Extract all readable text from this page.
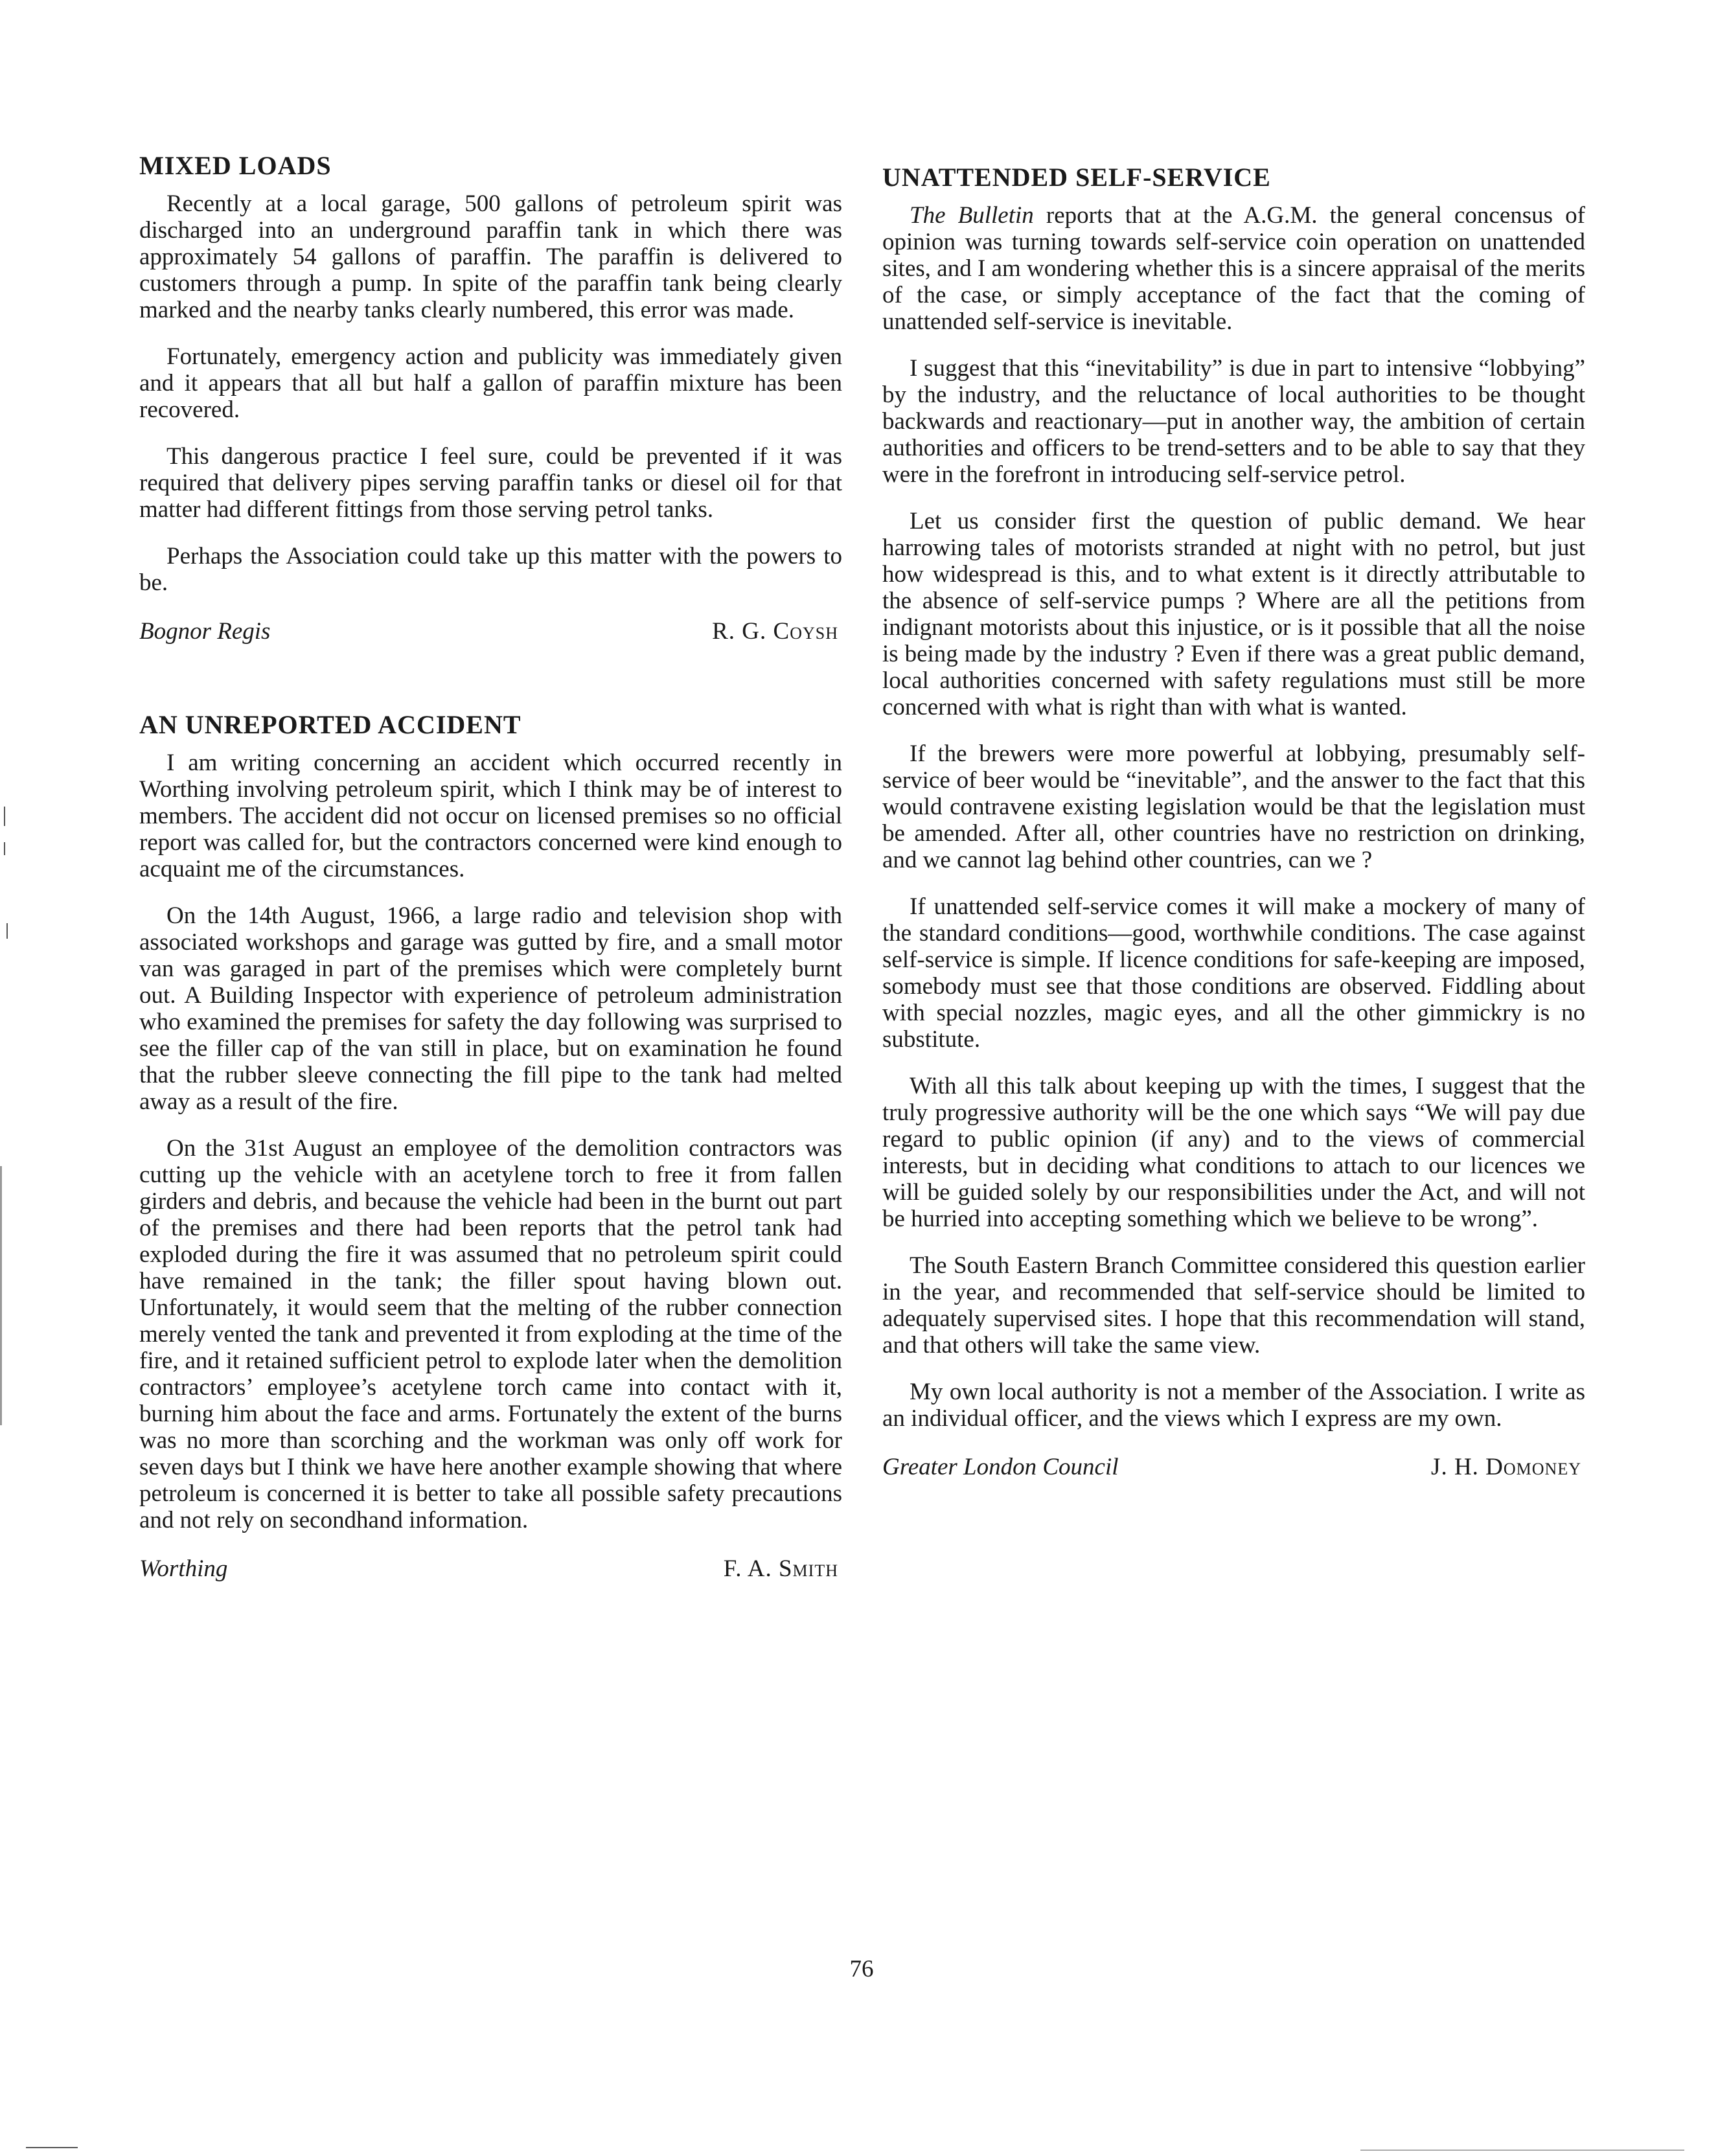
MIXED LOADS

Recently at a local garage, 500 gallons of petroleum spirit was discharged into an underground paraffin tank in which there was approximately 54 gallons of paraffin. The paraffin is delivered to customers through a pump. In spite of the paraffin tank being clearly marked and the nearby tanks clearly numbered, this error was made.

Fortunately, emergency action and publicity was immediately given and it appears that all but half a gallon of paraffin mixture has been recovered.

This dangerous practice I feel sure, could be prevented if it was required that delivery pipes serving paraffin tanks or diesel oil for that matter had different fittings from those serving petrol tanks.

Perhaps the Association could take up this matter with the powers to be.

Bognor Regis	R. G. Coysh
AN UNREPORTED ACCIDENT

I am writing concerning an accident which occurred recently in Worthing involving petroleum spirit, which I think may be of interest to members. The accident did not occur on licensed premises so no official report was called for, but the contractors concerned were kind enough to acquaint me of the circumstances.

On the 14th August, 1966, a large radio and television shop with associated workshops and garage was gutted by fire, and a small motor van was garaged in part of the premises which were completely burnt out. A Building Inspector with experience of petroleum administration who examined the premises for safety the day following was surprised to see the filler cap of the van still in place, but on examination he found that the rubber sleeve connecting the fill pipe to the tank had melted away as a result of the fire.

On the 31st August an employee of the demolition contractors was cutting up the vehicle with an acetylene torch to free it from fallen girders and debris, and because the vehicle had been in the burnt out part of the premises and there had been reports that the petrol tank had exploded during the fire it was assumed that no petroleum spirit could have remained in the tank; the filler spout having blown out. Unfortunately, it would seem that the melting of the rubber connection merely vented the tank and prevented it from exploding at the time of the fire, and it retained sufficient petrol to explode later when the demolition contractors’ employee’s acetylene torch came into contact with it, burning him about the face and arms. Fortunately the extent of the burns was no more than scorching and the workman was only off work for seven days but I think we have here another example showing that where petroleum is concerned it is better to take all possible safety precautions and not rely on secondhand information.

Worthing	F. A. Smith
UNATTENDED SELF-SERVICE

The Bulletin reports that at the A.G.M. the general concensus of opinion was turning towards self-service coin operation on unattended sites, and I am wondering whether this is a sincere appraisal of the merits of the case, or simply acceptance of the fact that the coming of unattended self-service is inevitable.

I suggest that this “inevitability” is due in part to intensive “lobbying” by the industry, and the reluctance of local authorities to be thought backwards and reactionary—put in another way, the ambition of certain authorities and officers to be trend-setters and to be able to say that they were in the forefront in introducing self-service petrol.

Let us consider first the question of public demand. We hear harrowing tales of motorists stranded at night with no petrol, but just how widespread is this, and to what extent is it directly attributable to the absence of self-service pumps ? Where are all the petitions from indignant motorists about this injustice, or is it possible that all the noise is being made by the industry ? Even if there was a great public demand, local authorities concerned with safety regulations must still be more concerned with what is right than with what is wanted.

If the brewers were more powerful at lobbying, presumably self-service of beer would be “inevitable”, and the answer to the fact that this would contravene existing legislation would be that the legislation must be amended. After all, other countries have no restriction on drinking, and we cannot lag behind other countries, can we ?

If unattended self-service comes it will make a mockery of many of the standard conditions—good, worthwhile conditions. The case against self-service is simple. If licence conditions for safe-keeping are imposed, somebody must see that those conditions are observed. Fiddling about with special nozzles, magic eyes, and all the other gimmickry is no substitute.

With all this talk about keeping up with the times, I suggest that the truly progressive authority will be the one which says “We will pay due regard to public opinion (if any) and to the views of commercial interests, but in deciding what conditions to attach to our licences we will be guided solely by our responsibilities under the Act, and will not be hurried into accepting something which we believe to be wrong”.

The South Eastern Branch Committee considered this question earlier in the year, and recommended that self-service should be limited to adequately supervised sites. I hope that this recommendation will stand, and that others will take the same view.

My own local authority is not a member of the Association. I write as an individual officer, and the views which I express are my own.

Greater London Council	J. H. Domoney
76
